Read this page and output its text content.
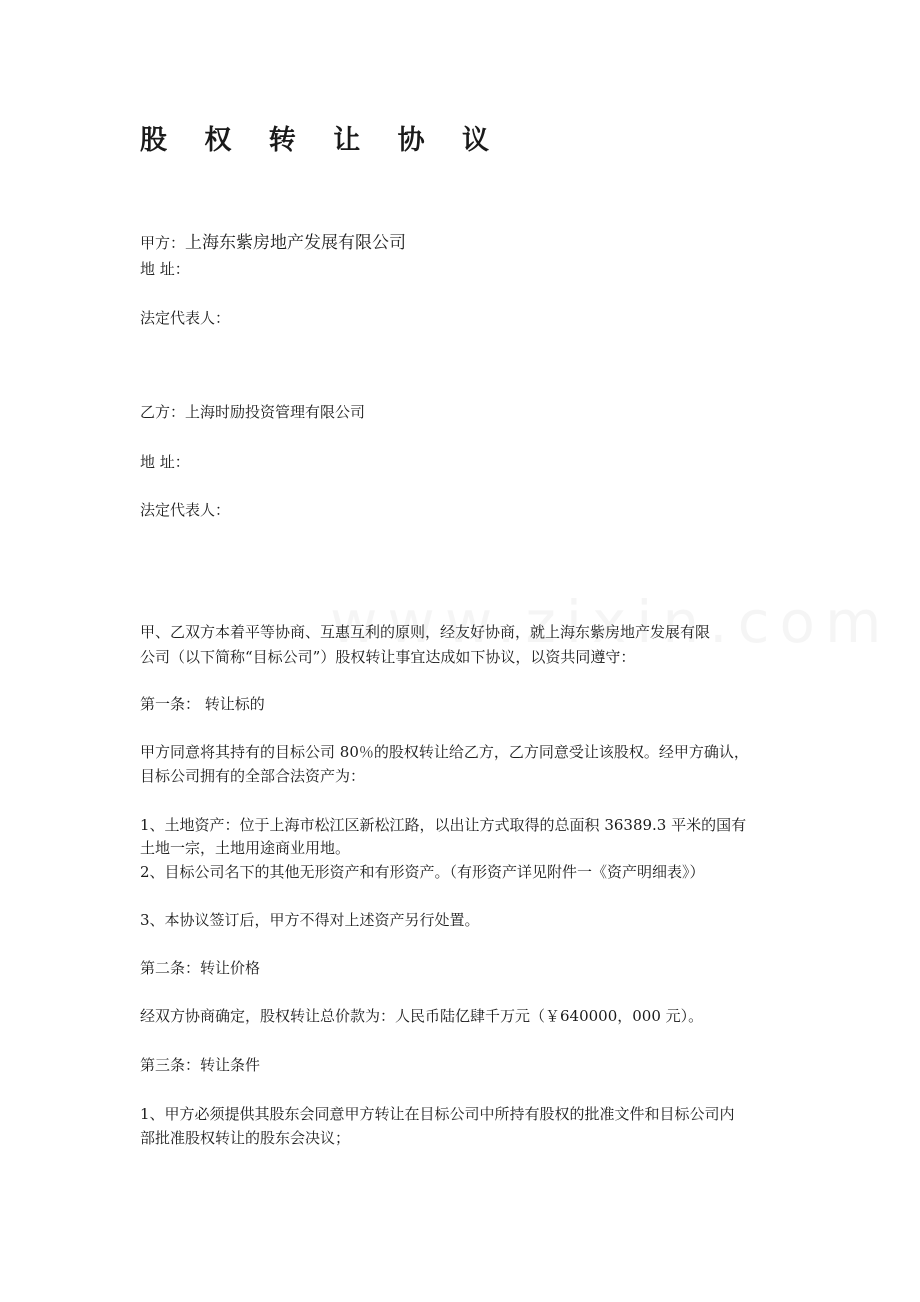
股 权 转 让 协 议
甲方：上海东紫房地产发展有限公司
地 址：
法定代表人：
乙方：上海时励投资管理有限公司
地 址：
法定代表人：
甲、乙双方本着平等协商、互惠互利的原则，经友好协商，就上海东紫房地产发展有限
公司（以下简称“目标公司”）股权转让事宜达成如下协议，以资共同遵守：
第一条： 转让标的
甲方同意将其持有的目标公司 80％的股权转让给乙方，乙方同意受让该股权。经甲方确认，
目标公司拥有的全部合法资产为：
1、土地资产：位于上海市松江区新松江路，以出让方式取得的总面积 36389.3 平米的国有
土地一宗，土地用途商业用地。
2、目标公司名下的其他无形资产和有形资产。（有形资产详见附件一《资产明细表》）
3、本协议签订后，甲方不得对上述资产另行处置。
第二条：转让价格
经双方协商确定，股权转让总价款为：人民币陆亿肆千万元（￥640000，000 元）。
第三条：转让条件
1、甲方必须提供其股东会同意甲方转让在目标公司中所持有股权的批准文件和目标公司内
部批准股权转让的股东会决议；
